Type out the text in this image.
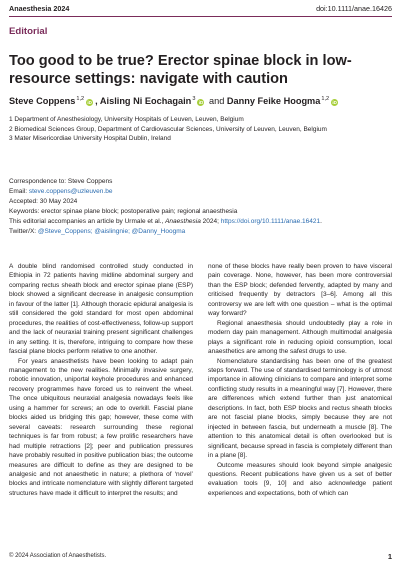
Anaesthesia 2024	doi:10.1111/anae.16426
Editorial
Too good to be true? Erector spinae block in low-resource settings: navigate with caution
Steve Coppens$^{1,2}$iD , Aisling Ni Eochagain$^3$iD and Danny Feike Hoogma$^{1,2}$iD
1 Department of Anesthesiology, University Hospitals of Leuven, Leuven, Belgium
2 Biomedical Sciences Group, Department of Cardiovascular Sciences, University of Leuven, Leuven, Belgium
3 Mater Misericordiae University Hospital Dublin, Ireland
Correspondence to: Steve Coppens
Email: steve.coppens@uzleuven.be
Accepted: 30 May 2024
Keywords: erector spinae plane block; postoperative pain; regional anaesthesia
This editorial accompanies an article by Urmale et al., Anaesthesia 2024; https://doi.org/10.1111/anae.16421.
Twitter/X: @Steve_Coppens; @aislingnie; @Danny_Hoogma

A double blind randomised controlled study conducted in Ethiopia in 72 patients having midline abdominal surgery and comparing rectus sheath block and erector spinae plane (ESP) block showed a significant decrease in analgesic consumption in favour of the latter [1]. Although thoracic epidural analgesia is still considered the gold standard for most open abdominal procedures, the realities of cost-effectiveness, follow-up support and the lack of neuraxial training present significant challenges in any setting. It is, therefore, intriguing to compare how these fascial plane blocks perform relative to one another.

For years anaesthetists have been looking to adapt pain management to the new realities. Minimally invasive surgery, robotic innovation, uniportal keyhole procedures and enhanced recovery programmes have forced us to reinvent the wheel. The once ubiquitous neuraxial analgesia nowadays feels like using a hammer for screws; an ode to overkill. Fascial plane blocks aided us bridging this gap; however, these come with several caveats: research surrounding these regional techniques is far from robust; a few prolific researchers have had multiple retractions [2]; peer and publication pressures have probably resulted in positive publication bias; the outcome measures are difficult to define as they are designed to be analgesic and not anaesthetic in nature; a plethora of ‘novel’ blocks and intricate nomenclature with slightly different targeted structures have made it difficult to interpret the results; and

none of these blocks have really been proven to have visceral pain coverage. None, however, has been more controversial than the ESP block; defended fervently, adapted by many and criticised frequently by detractors [3–6]. Among all this controversy we are left with one question – what is the optimal way forward?

Regional anaesthesia should undoubtedly play a role in modern day pain management. Although multimodal analgesia plays a significant role in reducing opioid consumption, local anaesthetics are among the safest drugs to use.

Nomenclature standardising has been one of the greatest steps forward. The use of standardised terminology is of utmost importance in allowing clinicians to compare and interpret some conflicting study results in a meaningful way [7]. However, there are differences which extend further than just anatomical descriptions. In fact, both ESP blocks and rectus sheath blocks are not fascial plane blocks, simply because they are not injected in between fascia, but underneath a muscle [8]. The attention to this anatomical detail is often overlooked but is significant, because spread in fascia is completely different than in a plane [8].

Outcome measures should look beyond simple analgesic questions. Recent publications have given us a set of better evaluation tools [9, 10] and also acknowledge patient experiences and expectations, both of which can

© 2024 Association of Anaesthetists.	1
